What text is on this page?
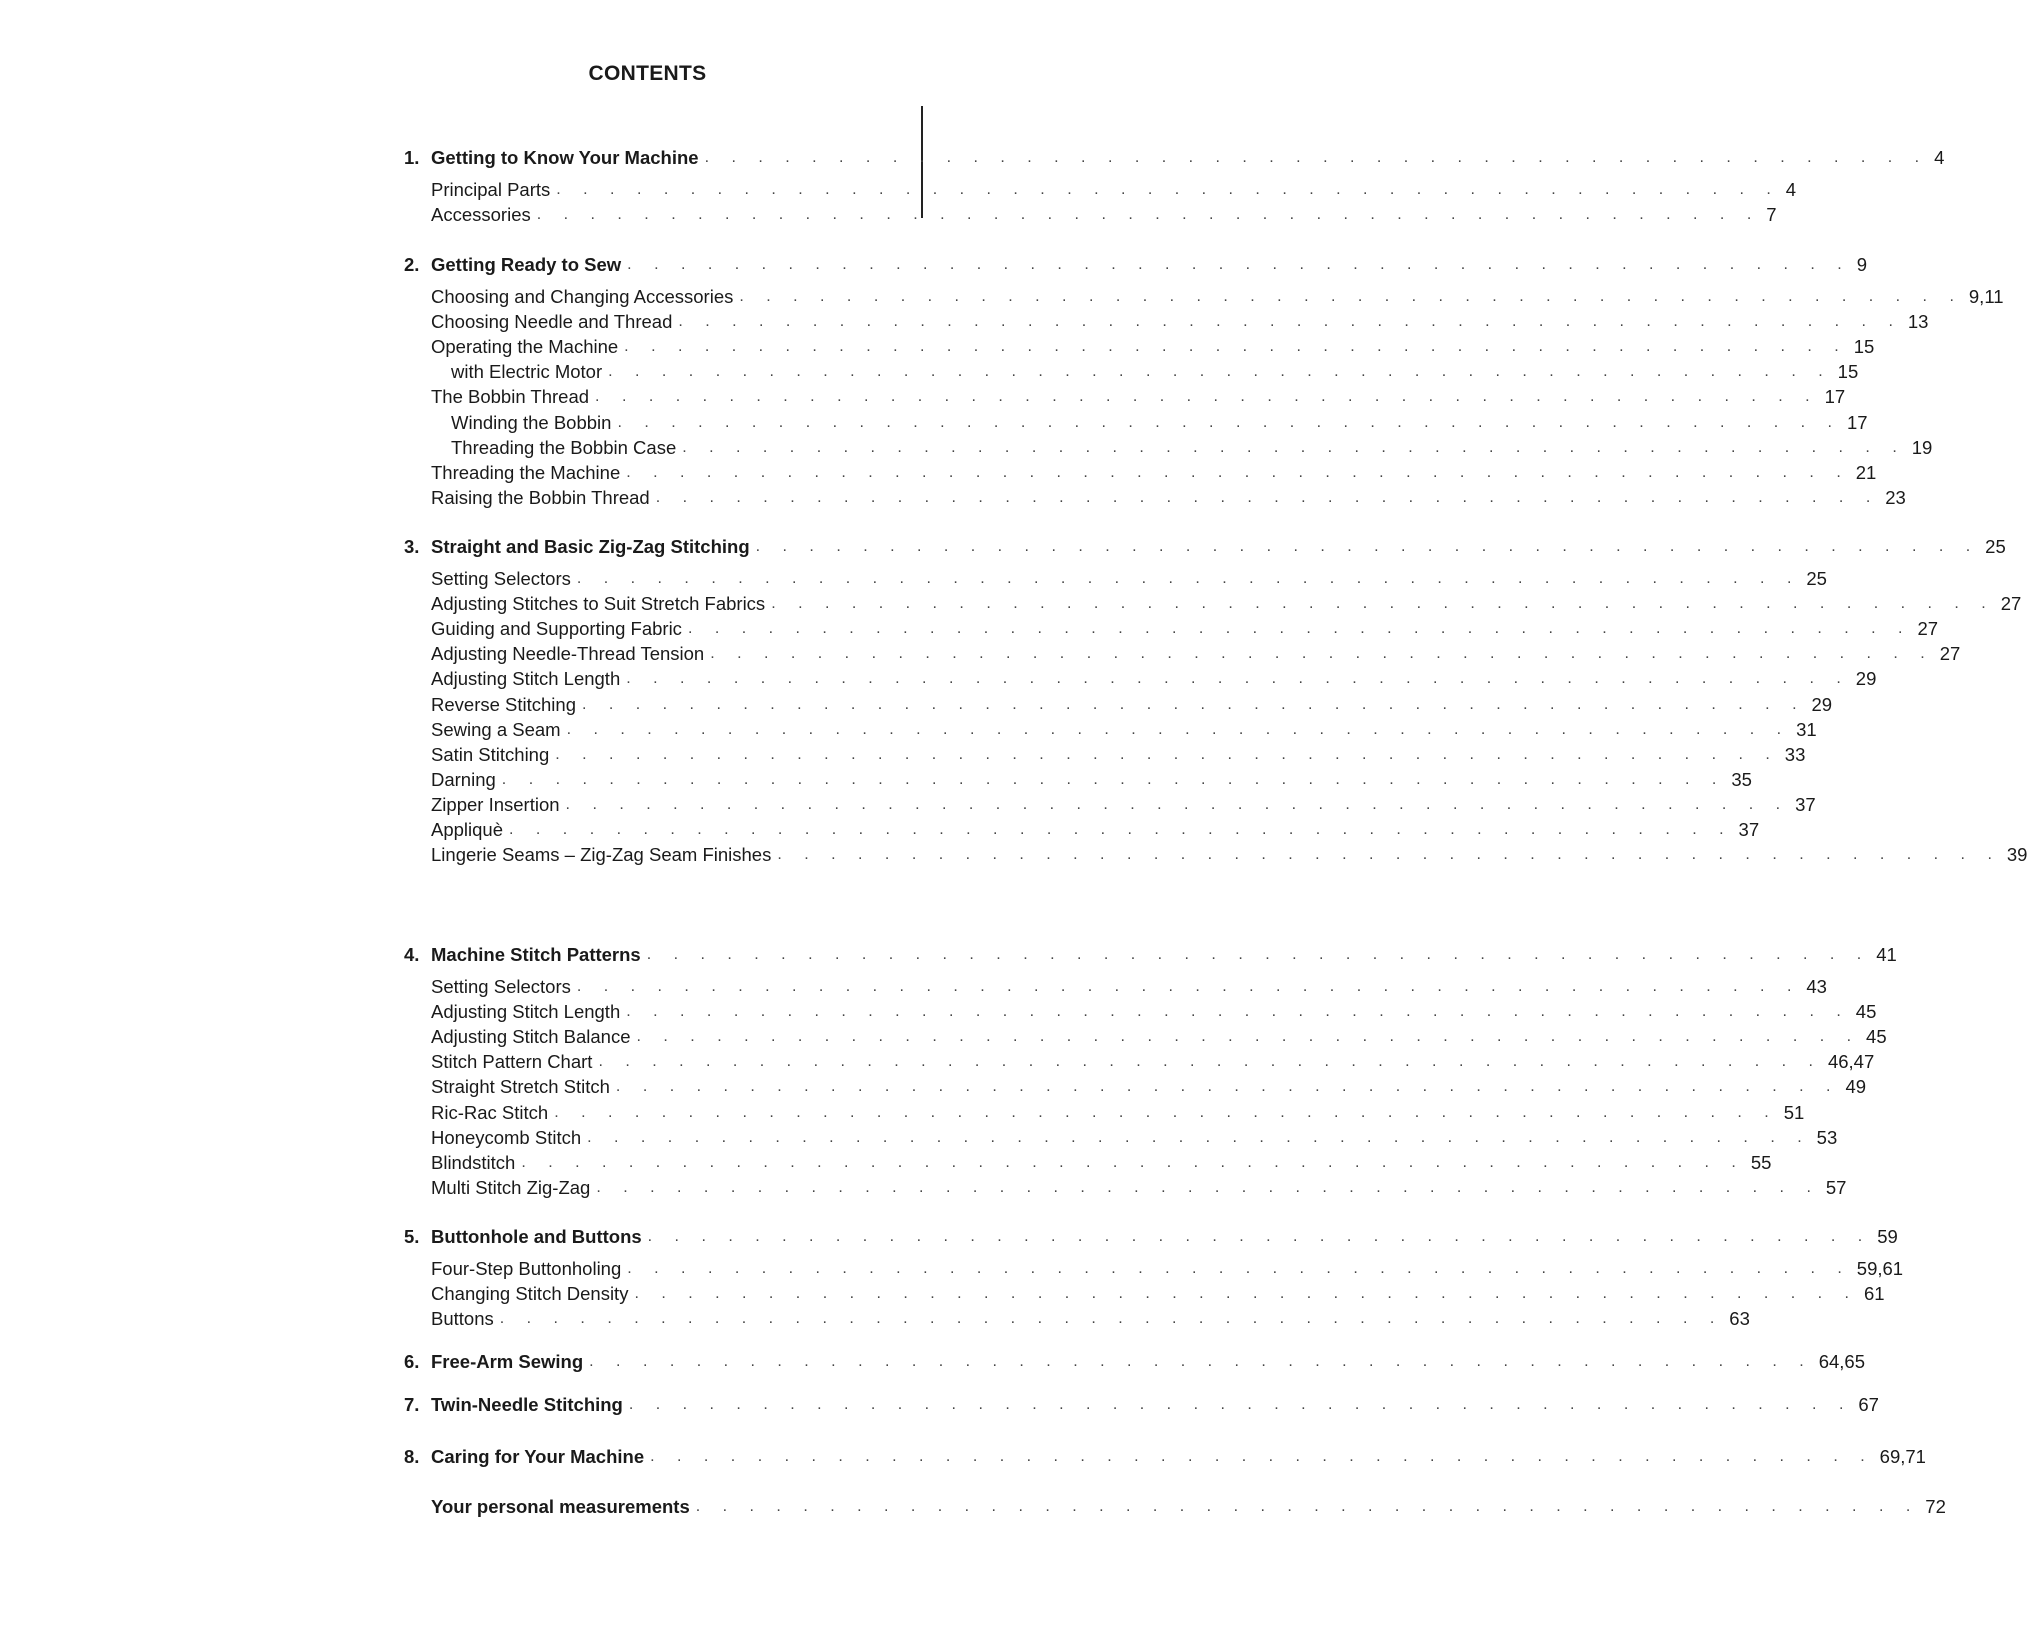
CONTENTS
1. Getting to Know Your Machine . . . . . . . . . . . . . . . . . . . . . . . . . . . . . . . . . . . . . . . . . . . . . . 4
Principal Parts . . . . . . . . . . . . . . . . . . . . . . . . . . . . . . . . . . . . . . . . . . . . . . 4
Accessories . . . . . . . . . . . . . . . . . . . . . . . . . . . . . . . . . . . . . . . . . . . . . . 7
2. Getting Ready to Sew . . . . . . . . . . . . . . . . . . . . . . . . . . . . . . . . . . . . . . . . . . . . . . 9
Choosing and Changing Accessories . . . . . . . . . . . . . . . . . . . . . . . . . . . . . . . . . . . . . . . . . . . . . . 9,11
Choosing Needle and Thread . . . . . . . . . . . . . . . . . . . . . . . . . . . . . . . . . . . . . . . . . . . . . . 13
Operating the Machine . . . . . . . . . . . . . . . . . . . . . . . . . . . . . . . . . . . . . . . . . . . . . . 15
with Electric Motor . . . . . . . . . . . . . . . . . . . . . . . . . . . . . . . . . . . . . . . . . . . . . . 15
The Bobbin Thread . . . . . . . . . . . . . . . . . . . . . . . . . . . . . . . . . . . . . . . . . . . . . . 17
Winding the Bobbin . . . . . . . . . . . . . . . . . . . . . . . . . . . . . . . . . . . . . . . . . . . . . . 17
Threading the Bobbin Case . . . . . . . . . . . . . . . . . . . . . . . . . . . . . . . . . . . . . . . . . . . . . . 19
Threading the Machine . . . . . . . . . . . . . . . . . . . . . . . . . . . . . . . . . . . . . . . . . . . . . . 21
Raising the Bobbin Thread . . . . . . . . . . . . . . . . . . . . . . . . . . . . . . . . . . . . . . . . . . . . . . 23
3. Straight and Basic Zig-Zag Stitching . . . . . . . . . . . . . . . . . . . . . . . . . . . . . . . . . . . . . . . . . . . . . . 25
Setting Selectors . . . . . . . . . . . . . . . . . . . . . . . . . . . . . . . . . . . . . . . . . . . . . . 25
Adjusting Stitches to Suit Stretch Fabrics . . . . . . . . . . . . . . . . . . . . . . . . . . . . . . . . . . . . . . . . . . . . . . 27
Guiding and Supporting Fabric . . . . . . . . . . . . . . . . . . . . . . . . . . . . . . . . . . . . . . . . . . . . . . 27
Adjusting Needle-Thread Tension . . . . . . . . . . . . . . . . . . . . . . . . . . . . . . . . . . . . . . . . . . . . . . 27
Adjusting Stitch Length . . . . . . . . . . . . . . . . . . . . . . . . . . . . . . . . . . . . . . . . . . . . . . 29
Reverse Stitching . . . . . . . . . . . . . . . . . . . . . . . . . . . . . . . . . . . . . . . . . . . . . . 29
Sewing a Seam . . . . . . . . . . . . . . . . . . . . . . . . . . . . . . . . . . . . . . . . . . . . . . 31
Satin Stitching . . . . . . . . . . . . . . . . . . . . . . . . . . . . . . . . . . . . . . . . . . . . . . 33
Darning . . . . . . . . . . . . . . . . . . . . . . . . . . . . . . . . . . . . . . . . . . . . . . 35
Zipper Insertion . . . . . . . . . . . . . . . . . . . . . . . . . . . . . . . . . . . . . . . . . . . . . . 37
Appliquè . . . . . . . . . . . . . . . . . . . . . . . . . . . . . . . . . . . . . . . . . . . . . . 37
Lingerie Seams – Zig-Zag Seam Finishes . . . . . . . . . . . . . . . . . . . . . . . . . . . . . . . . . . . . . . . . . . . . . . 39
4. Machine Stitch Patterns . . . . . . . . . . . . . . . . . . . . . . . . . . . . . . . . . . . . . . . . . . . . . . 41
Setting Selectors . . . . . . . . . . . . . . . . . . . . . . . . . . . . . . . . . . . . . . . . . . . . . . 43
Adjusting Stitch Length . . . . . . . . . . . . . . . . . . . . . . . . . . . . . . . . . . . . . . . . . . . . . . 45
Adjusting Stitch Balance . . . . . . . . . . . . . . . . . . . . . . . . . . . . . . . . . . . . . . . . . . . . . . 45
Stitch Pattern Chart . . . . . . . . . . . . . . . . . . . . . . . . . . . . . . . . . . . . . . . . . . . . . . 46,47
Straight Stretch Stitch . . . . . . . . . . . . . . . . . . . . . . . . . . . . . . . . . . . . . . . . . . . . . . 49
Ric-Rac Stitch . . . . . . . . . . . . . . . . . . . . . . . . . . . . . . . . . . . . . . . . . . . . . . 51
Honeycomb Stitch . . . . . . . . . . . . . . . . . . . . . . . . . . . . . . . . . . . . . . . . . . . . . . 53
Blindstitch . . . . . . . . . . . . . . . . . . . . . . . . . . . . . . . . . . . . . . . . . . . . . . 55
Multi Stitch Zig-Zag . . . . . . . . . . . . . . . . . . . . . . . . . . . . . . . . . . . . . . . . . . . . . . 57
5. Buttonhole and Buttons . . . . . . . . . . . . . . . . . . . . . . . . . . . . . . . . . . . . . . . . . . . . . . 59
Four-Step Buttonholing . . . . . . . . . . . . . . . . . . . . . . . . . . . . . . . . . . . . . . . . . . . . . . 59,61
Changing Stitch Density . . . . . . . . . . . . . . . . . . . . . . . . . . . . . . . . . . . . . . . . . . . . . . 61
Buttons . . . . . . . . . . . . . . . . . . . . . . . . . . . . . . . . . . . . . . . . . . . . . . 63
6. Free-Arm Sewing . . . . . . . . . . . . . . . . . . . . . . . . . . . . . . . . . . . . . . . . . . . . . . 64,65
7. Twin-Needle Stitching . . . . . . . . . . . . . . . . . . . . . . . . . . . . . . . . . . . . . . . . . . . . . . 67
8. Caring for Your Machine . . . . . . . . . . . . . . . . . . . . . . . . . . . . . . . . . . . . . . . . . . . . . . 69,71
Your personal measurements . . . . . . . . . . . . . . . . . . . . . . . . . . . . . . . . . . . . . . . . . . . . . . 72
